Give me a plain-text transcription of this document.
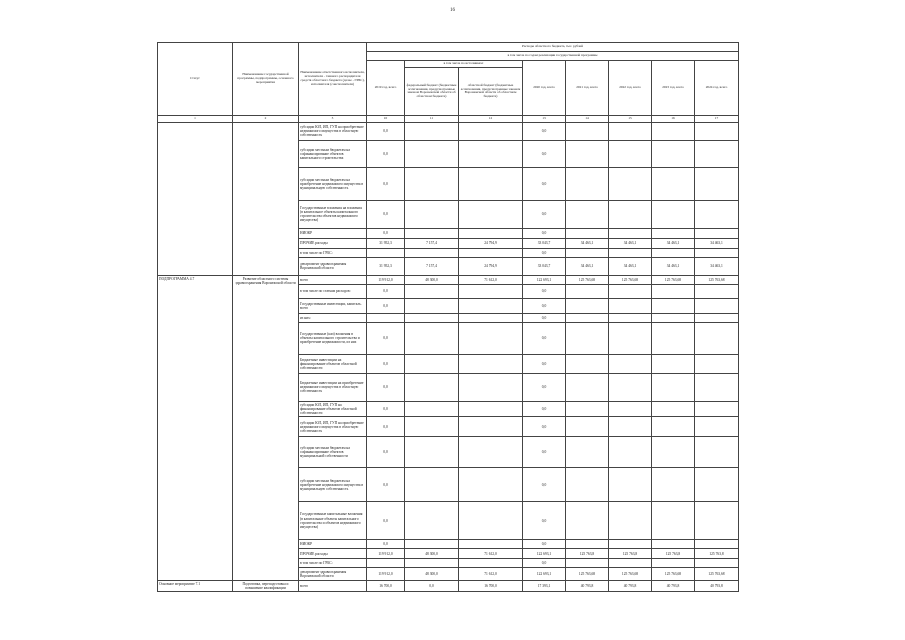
16
Статус	Наименование государственной программы, подпрограммы, основного мероприятия	Наименование ответственного исполнителя, исполнителя - главного распорядителя средств областного бюджета (далее - ГРБС), исполнителя (соисполнителя)	Расходы областного бюджета, тыс. рублей							
			в том числе по годам реализации государственной программы							
			2019 год, всего	в том числе по источникам:		2020 год, всего	2021 год, всего	2022 год, всего	2023 год, всего	2024 год, всего
				федеральный бюджет (бюджетные ассигнования, предусмотренные законом Воронежской области об областном бюджете)	областной бюджет (бюджетные ассигнования, предусмотренные законом Воронежской области об областном бюджете)					
1	2	3	10	11	12	13	14	15	16	17
		субсидии ЮЛ, ИП, ГУП на приобретение недвижимого имущества в областную собственность	0,0			0,0				
		субсидии местным бюджетам на софинансирование объектов капитального строительства	0,0			0,0				
		субсидии местным бюджетам на приобретение недвижимого имущества в муниципальную собственность	0,0			0,0				
		Государственные вложения на вложения (в капитальное объекты капитального строительства объектов недвижимого имущества)	0,0			0,0				
		НИОКР	0,0			0,0				
		ПРОЧИЕ расходы	31 952,3	7 157,4	24 794,9	33 043,7	34 463,1	34 463,1	34 463,1	34 463,1
		в том числе по ГРБС:				0,0				
		департамент здравоохранения Воронежской области	31 952,3	7 157,4	24 794,9	33 043,7	34 463,1	34 463,1	34 463,1	34 463,1
ПОДПРОГРАММА 4.7	Развитие областного системы здравоохранения Воронежской области	всего	119 912,0	48 300,0	71 612,0	122 693,1	125 763,68	125 763,68	125 763,68	125 763,68
		в том числе по статьям расходов:	0,0			0,0				
		Государственные инвестиции, капиталь. всего	0,0			0,0				
		из них:				0,0				
		Государственные (кап) вложения в объекты капитального строительства и приобретение недвижимости, из них	0,0			0,0				
		Бюджетные инвестиции на финансирование объектов областной собственности	0,0			0,0				
		Бюджетные инвестиции на приобретение недвижимого имущества в областную собственность	0,0			0,0				
		субсидии ЮЛ, ИП, ГУП на финансирование объектов областной собственности	0,0			0,0				
		субсидии ЮЛ, ИП, ГУП на приобретение недвижимого имущества в областную собственность	0,0			0,0				
		субсидии местным бюджетам на софинансирование объектов муниципальной собственности	0,0			0,0				
		субсидии местным бюджетам на приобретение недвижимого имущества в муниципальную собственность	0,0			0,0				
		Государственные капитальные вложения (в капитальные объекты капитального строительства и объектов недвижимого имущества)	0,0			0,0				
		НИОКР	0,0			0,0				
		ПРОЧИЕ расходы	119 912,0	48 300,0	71 612,0	122 693,1	125 763,8	125 763,8	125 763,8	125 763,8
		в том числе по ГРБС:				0,0				
		департамент здравоохранения Воронежской области	119 912,0	48 300,0	71 612,0	122 693,1	125 763,68	125 763,68	125 763,68	125 763,68
Основное мероприятие 7.1	Подготовка, переподготовка и повышение квалификации	всего	16 700,0	0,0	16 700,0	17 393,1	40 793,8	40 793,8	40 793,8	40 793,8
